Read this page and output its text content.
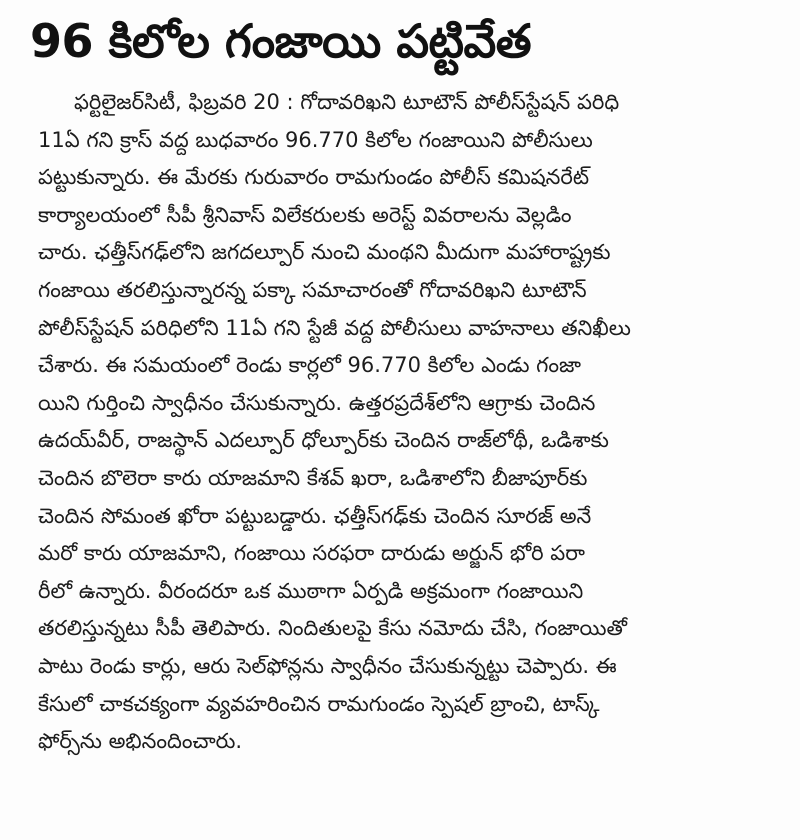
96 కిలోల గంజాయి పట్టివేత
ఫర్టిలైజర్‌సిటీ, ఫిబ్రవరి 20 : గోదావరిఖని టూటౌన్ పోలీస్‌స్టేషన్ పరిధి
11ఏ గని క్రాస్ వద్ద బుధవారం 96.770 కిలోల గంజాయిని పోలీసులు
పట్టుకున్నారు. ఈ మేరకు గురువారం రామగుండం పోలీస్ కమిషనరేట్
కార్యాలయంలో సీపీ శ్రీనివాస్ విలేకరులకు అరెస్ట్ వివరాలను వెల్లడిం
చారు. ఛత్తీస్‌గఢ్‌లోని జగదల్పూర్ నుంచి మంథని మీదుగా మహారాష్ట్రకు
గంజాయి తరలిస్తున్నారన్న పక్కా సమాచారంతో గోదావరిఖని టూటౌన్
పోలీస్‌స్టేషన్ పరిధిలోని 11ఏ గని స్టేజీ వద్ద పోలీసులు వాహనాలు తనిఖీలు
చేశారు. ఈ సమయంలో రెండు కార్లలో 96.770 కిలోల ఎండు గంజా
యిని గుర్తించి స్వాధీనం చేసుకున్నారు. ఉత్తరప్రదేశ్‌లోని ఆగ్రాకు చెందిన
ఉదయ్‌వీర్, రాజస్థాన్ ఎదల్పూర్ ధోల్పూర్‌కు చెందిన రాజ్‌లోథీ, ఒడిశాకు
చెందిన బొలెరా కారు యాజమాని కేశవ్ ఖరా, ఒడిశాలోని బీజాపూర్‌కు
చెందిన సోమంత ఖోరా పట్టుబడ్డారు. ఛత్తీస్‌గఢ్‌కు చెందిన సూరజ్ అనే
మరో కారు యాజమాని, గంజాయి సరఫరా దారుడు అర్జున్ భోరి పరా
రీలో ఉన్నారు. వీరందరూ ఒక ముఠాగా ఏర్పడి అక్రమంగా గంజాయిని
తరలిస్తున్నటు సీపీ తెలిపారు. నిందితులపై కేసు నమోదు చేసి, గంజాయితో
పాటు రెండు కార్లు, ఆరు సెల్‌ఫోన్లను స్వాధీనం చేసుకున్నట్టు చెప్పారు. ఈ
కేసులో చాకచక్యంగా వ్యవహరించిన రామగుండం స్పెషల్ బ్రాంచి, టాస్క్
ఫోర్స్‌ను అభినందించారు.
